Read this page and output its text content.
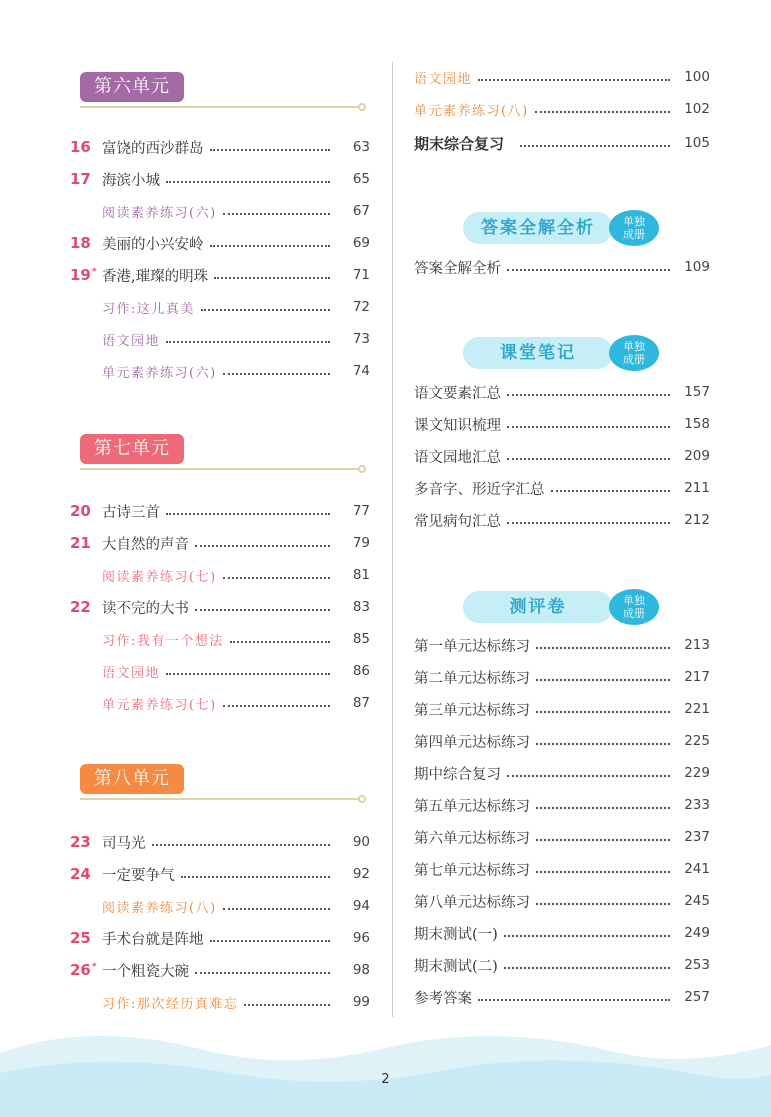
第六单元
16 富饶的西沙群岛	63
17 海滨小城	65
阅读素养练习(六)	67
18 美丽的小兴安岭	69
19* 香港,璀璨的明珠	71
习作:这儿真美	72
语文园地	73
单元素养练习(六)	74
第七单元
20 古诗三首	77
21 大自然的声音	79
阅读素养练习(七)	81
22 读不完的大书	83
习作:我有一个想法	85
语文园地	86
单元素养练习(七)	87
第八单元
23 司马光	90
24 一定要争气	92
阅读素养练习(八)	94
25 手术台就是阵地	96
26* 一个粗瓷大碗	98
习作:那次经历真难忘	99
语文园地	100
单元素养练习(八)	102
期末综合复习	105
答案全解全析	单独
成册
答案全解全析	109
课堂笔记	单独
成册
语文要素汇总	157
课文知识梳理	158
语文园地汇总	209
多音字、形近字汇总	211
常见病句汇总	212
测评卷	单独
成册
第一单元达标练习	213
第二单元达标练习	217
第三单元达标练习	221
第四单元达标练习	225
期中综合复习	229
第五单元达标练习	233
第六单元达标练习	237
第七单元达标练习	241
第八单元达标练习	245
期末测试(一)	249
期末测试(二)	253
参考答案	257
2
